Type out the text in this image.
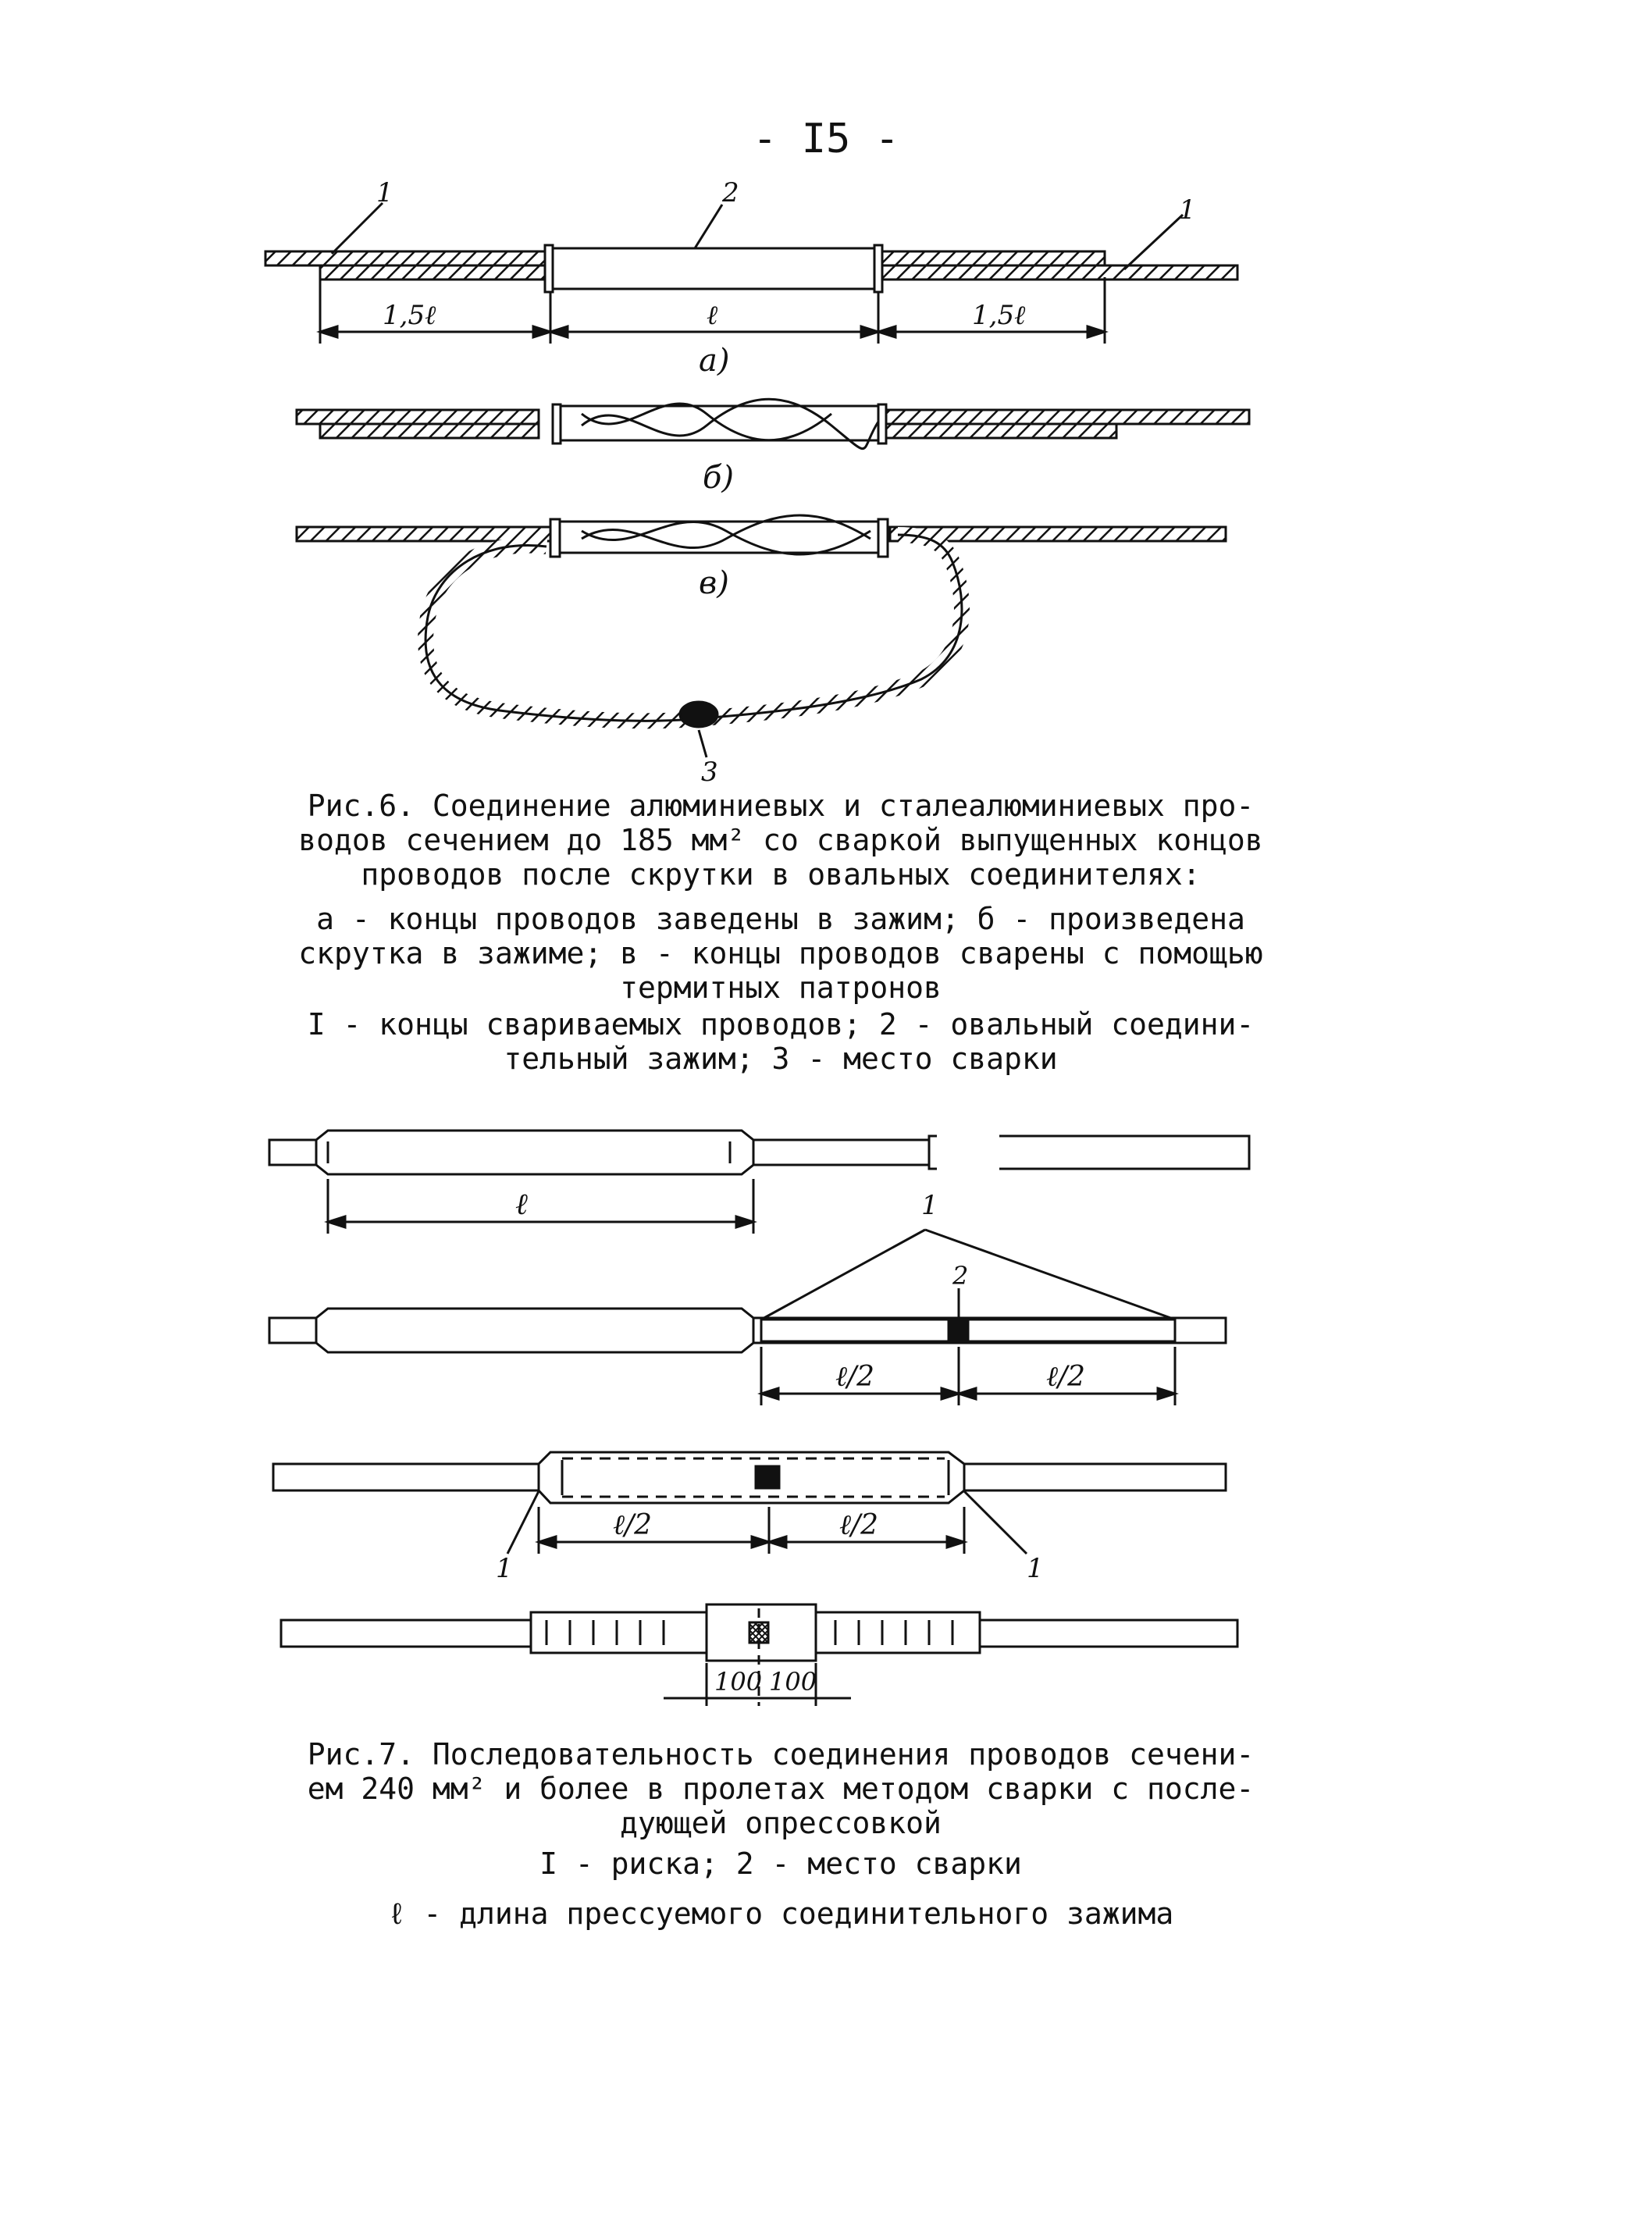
- I5 -
1	2
1
1,5ℓ	ℓ	1,5ℓ
а)
б)
в)
3
ℓ	1
2
ℓ/2	ℓ/2
ℓ/2	ℓ/2
1	1
100 100

Рис.6. Соединение алюминиевых и сталеалюминиевых про-

водов сечением до 185 мм² со сваркой выпущенных концов

проводов после скрутки в овальных соединителях:

а - концы проводов заведены в зажим; б - произведена

скрутка в зажиме; в - концы проводов сварены с помощью

термитных патронов

I - концы свариваемых проводов; 2 - овальный соедини-

тельный зажим; 3 - место сварки

Рис.7. Последовательность соединения проводов сечени-

ем 240 мм² и более в пролетах методом сварки с после-

дующей опрессовкой

I - риска; 2 - место сварки

ℓ - длина прессуемого соединительного зажима
